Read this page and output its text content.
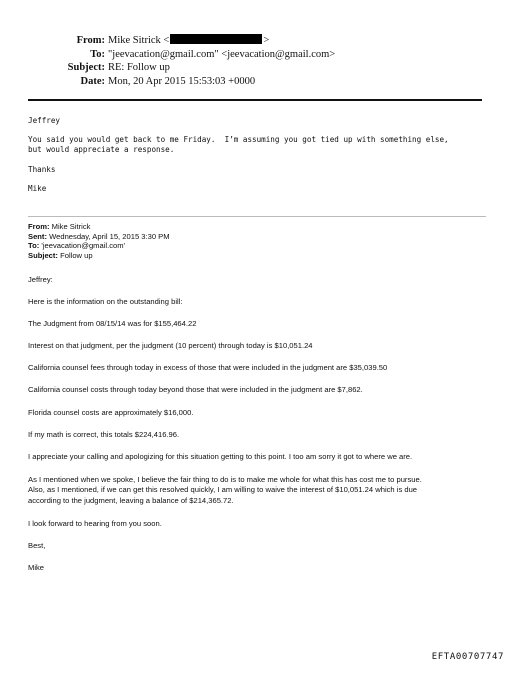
From: Mike Sitrick <	>
To: "jeevacation@gmail.com" <jeevacation@gmail.com>
Subject: RE: Follow up
Date: Mon, 20 Apr 2015 15:53:03 +0000
Jeffrey
You said you would get back to me Friday.  I’m assuming you got tied up with something else,
but would appreciate a response.
Thanks
Mike
From: Mike Sitrick
Sent: Wednesday, April 15, 2015 3:30 PM
To: 'jeevacation@gmail.com'
Subject: Follow up
Jeffrey:
Here is the information on the outstanding bill:
The Judgment from 08/15/14 was for $155,464.22
Interest on that judgment, per the judgment (10 percent) through today is $10,051.24
California counsel fees through today in excess of those that were included in the judgment are $35,039.50
California counsel costs through today beyond those that were included in the judgment are $7,862.
Florida counsel costs are approximately $16,000.
If my math is correct, this totals $224,416.96.
I appreciate your calling and apologizing for this situation getting to this point. I too am sorry it got to where we are.
As I mentioned when we spoke, I believe the fair thing to do is to make me whole for what this has cost me to pursue.
Also, as I mentioned, if we can get this resolved quickly, I am willing to waive the interest of $10,051.24 which is due
according to the judgment, leaving a balance of $214,365.72.
I look forward to hearing from you soon.
Best,
Mike
EFTA00707747
